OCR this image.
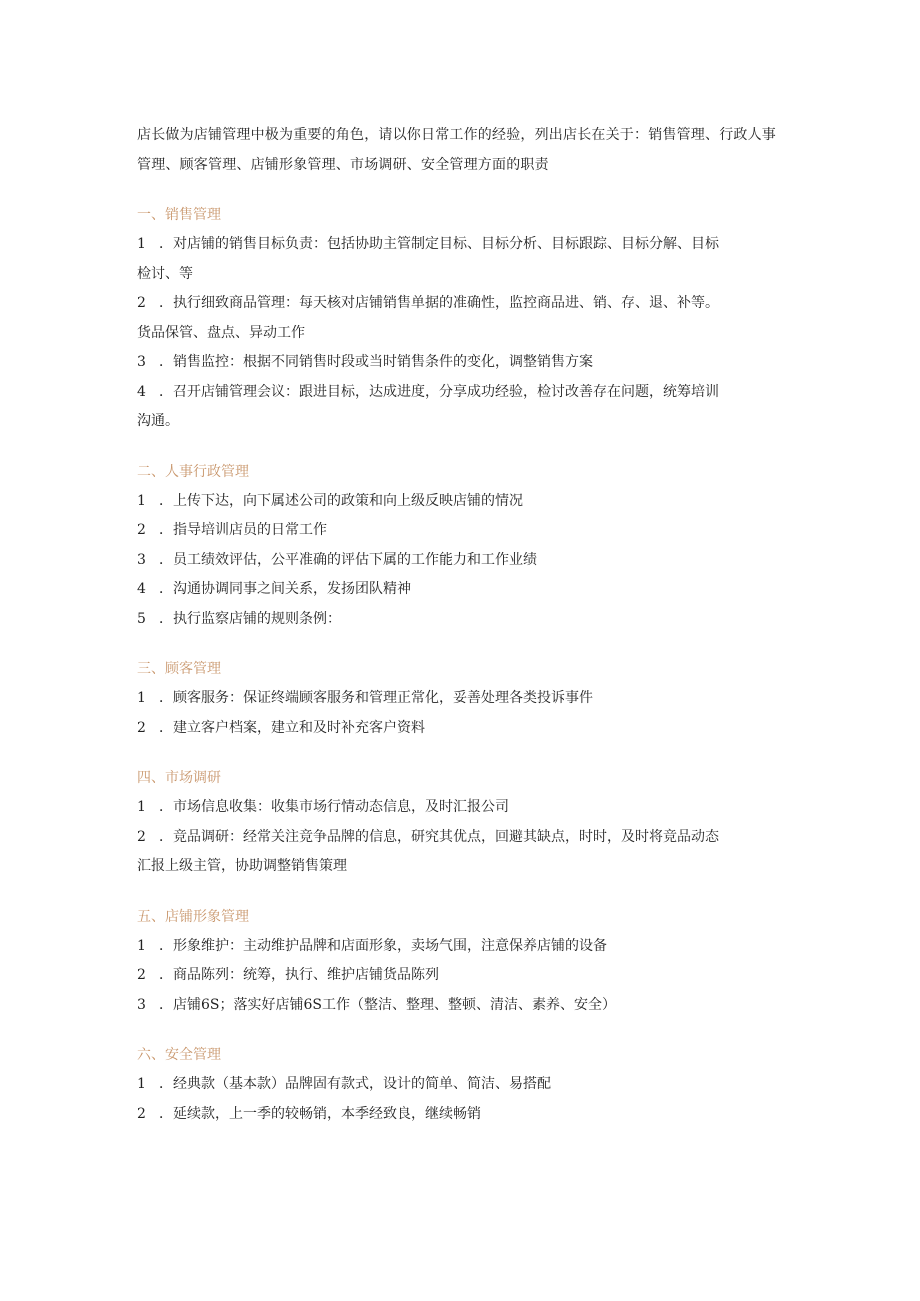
店长做为店铺管理中极为重要的角色，请以你日常工作的经验，列出店长在关于：销售管理、行政人事管理、顾客管理、店铺形象管理、市场调研、安全管理方面的职责

一、销售管理

1 ．对店铺的销售目标负责：包括协助主管制定目标、目标分析、目标跟踪、目标分解、目标
检讨、等
2 ．执行细致商品管理：每天核对店铺销售单据的准确性，监控商品进、销、存、退、补等。
货品保管、盘点、异动工作
3 ．销售监控：根据不同销售时段或当时销售条件的变化，调整销售方案
4 ．召开店铺管理会议：跟进目标，达成进度，分享成功经验，检讨改善存在问题，统筹培训
沟通。

二、人事行政管理

1 ．上传下达，向下属述公司的政策和向上级反映店铺的情况
2 ．指导培训店员的日常工作
3 ．员工绩效评估，公平准确的评估下属的工作能力和工作业绩
4 ．沟通协调同事之间关系，发扬团队精神
5 ．执行监察店铺的规则条例：

三、顾客管理

1 ．顾客服务：保证终端顾客服务和管理正常化，妥善处理各类投诉事件
2 ．建立客户档案，建立和及时补充客户资料

四、市场调研

1 ．市场信息收集：收集市场行情动态信息，及时汇报公司
2 ．竞品调研：经常关注竞争品牌的信息，研究其优点，回避其缺点，时时，及时将竞品动态
汇报上级主管，协助调整销售策理

五、店铺形象管理

1 ．形象维护：主动维护品牌和店面形象，卖场气围，注意保养店铺的设备
2 ．商品陈列：统筹，执行、维护店铺货品陈列
3 ．店铺6S；落实好店铺6S工作（整洁、整理、整顿、清洁、素养、安全）

六、安全管理

1 ．经典款（基本款）品牌固有款式，设计的简单、简洁、易搭配
2 ．延续款，上一季的较畅销，本季经致良，继续畅销
